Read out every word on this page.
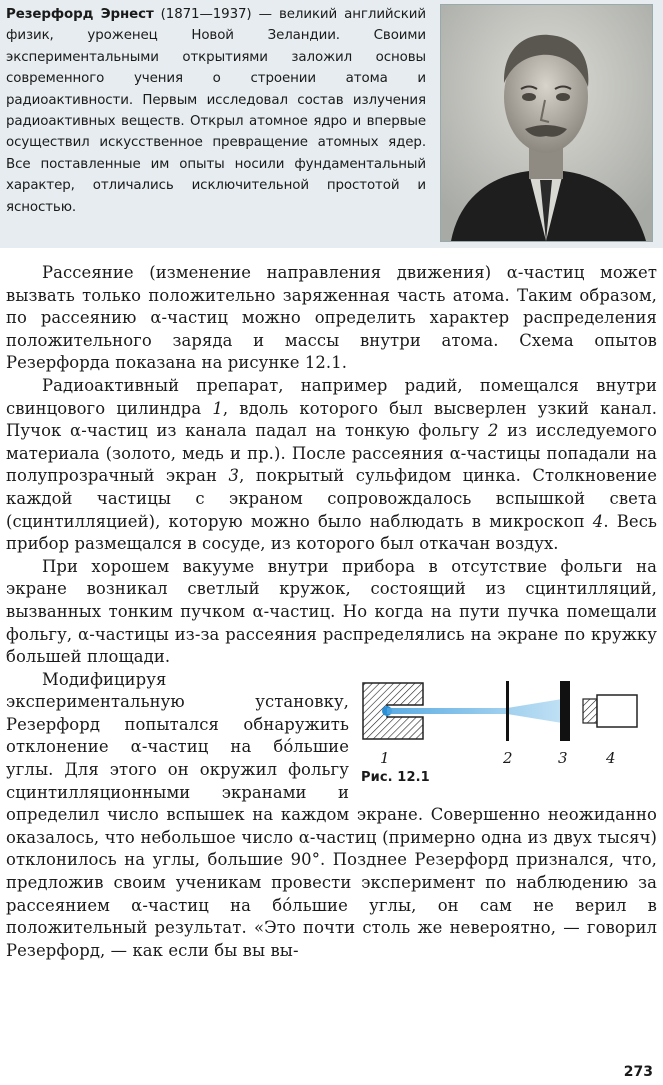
Резерфорд Эрнест (1871—1937) — великий английский физик, уроженец Новой Зеландии. Своими экспериментальными открытиями заложил основы современного учения о строении атома и радиоактивности. Первым исследовал состав излучения радиоактивных веществ. Открыл атомное ядро и впервые осуществил искусственное превращение атомных ядер. Все поставленные им опыты носили фундаментальный характер, отличались исключительной простотой и ясностью.

Рассеяние (изменение направления движения) α-частиц может вызвать только положительно заряженная часть атома. Таким образом, по рассеянию α-частиц можно определить характер распределения положительного заряда и массы внутри атома. Схема опытов Резерфорда показана на рисунке 12.1.

Радиоактивный препарат, например радий, помещался внутри свинцового цилиндра 1, вдоль которого был высверлен узкий канал. Пучок α-частиц из канала падал на тонкую фольгу 2 из исследуемого материала (золото, медь и пр.). После рассеяния α-частицы попадали на полупрозрачный экран 3, покрытый сульфидом цинка. Столкновение каждой частицы с экраном сопровождалось вспышкой света (сцинтилляцией), которую можно было наблюдать в микроскоп 4. Весь прибор размещался в сосуде, из которого был откачан воздух.

При хорошем вакууме внутри прибора в отсутствие фольги на экране возникал светлый кружок, состоящий из сцинтилляций, вызванных тонким пучком α-частиц. Но когда на пути пучка помещали фольгу, α-частицы из-за рассеяния распределялись на экране по кружку большей площади.

1	2	3	4
Рис. 12.1

Модифицируя экспериментальную установку, Резерфорд попытался обнаружить отклонение α-частиц на бóльшие углы. Для этого он окружил фольгу сцинтилляционными экранами и определил число вспышек на каждом экране. Совершенно неожиданно оказалось, что небольшое число α-частиц (примерно одна из двух тысяч) отклонилось на углы, большие 90°. Позднее Резерфорд признался, что, предложив своим ученикам провести эксперимент по наблюдению за рассеянием α-частиц на бóльшие углы, он сам не верил в положительный результат. «Это почти столь же невероятно, — говорил Резерфорд, — как если бы вы вы-

273
